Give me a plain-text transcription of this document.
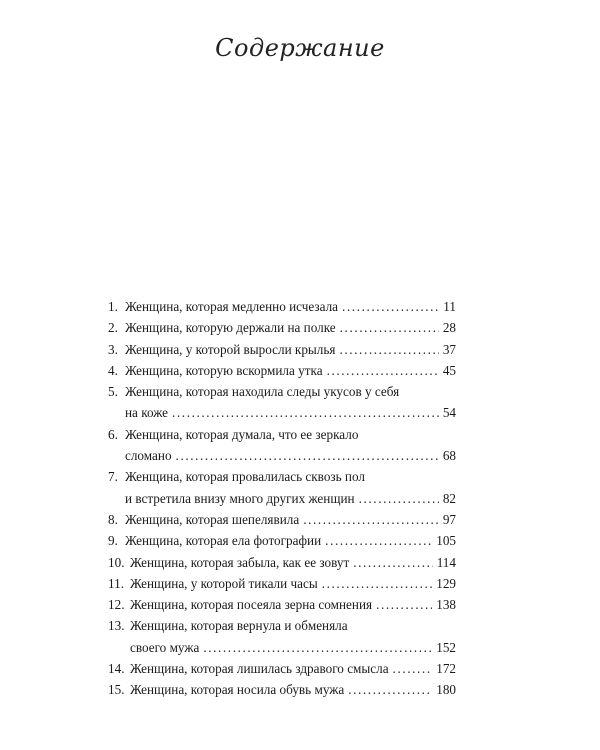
Содержание
1. Женщина, которая медленно исчезала .....	11
2. Женщина, которую держали на полке .....	28
3. Женщина, у которой выросли крылья .....	37
4. Женщина, которую вскормила утка .....	45
5. Женщина, которая находила следы укусов у себя
на коже .....	54
6. Женщина, которая думала, что ее зеркало
сломано .....	68
7. Женщина, которая провалилась сквозь пол
и встретила внизу много других женщин .....	82
8. Женщина, которая шепелявила .....	97
9. Женщина, которая ела фотографии .....	105
10. Женщина, которая забыла, как ее зовут .....	114
11. Женщина, у которой тикали часы .....	129
12. Женщина, которая посеяла зерна сомнения .....	138
13. Женщина, которая вернула и обменяла
своего мужа .....	152
14. Женщина, которая лишилась здравого смысла .....	172
15. Женщина, которая носила обувь мужа .....	180
